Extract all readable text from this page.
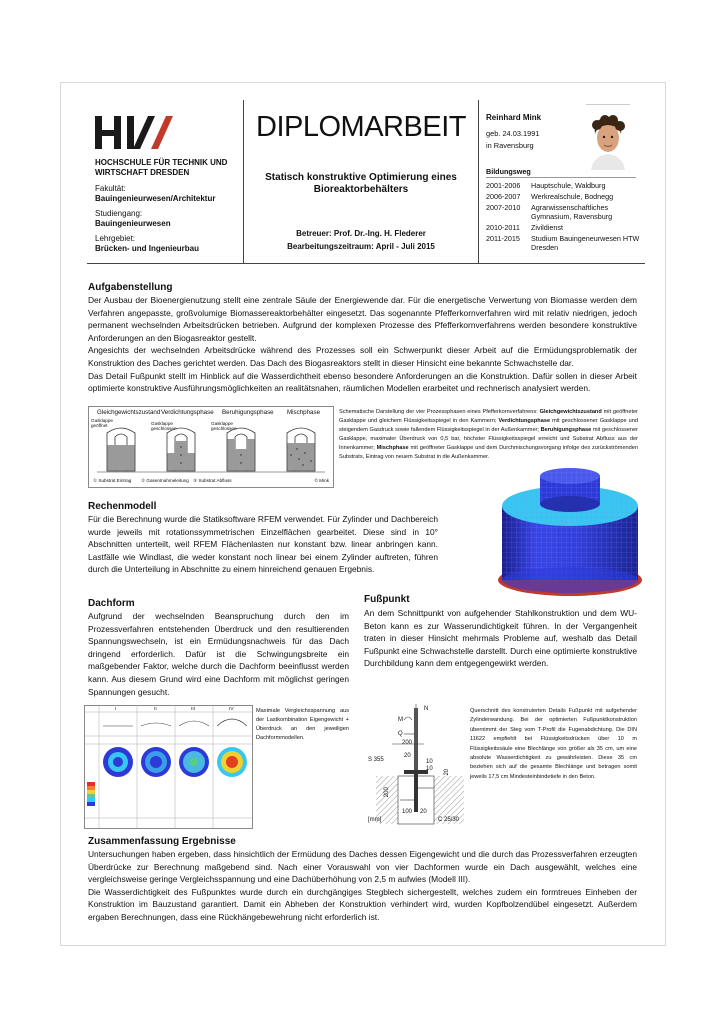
HOCHSCHULE FÜR TECHNIK UND WIRTSCHAFT DRESDEN
Fakultät:
Bauingenieurwesen/Architektur
Studiengang:
Bauingenieurwesen
Lehrgebiet:
Brücken- und Ingenieurbau
DIPLOMARBEIT
Statisch konstruktive Optimierung eines Bioreaktorbehälters
Betreuer: Prof. Dr.-Ing. H. Flederer
Bearbeitungszeitraum: April - Juli 2015
Reinhard Mink
geb. 24.03.1991
in Ravensburg
Bildungsweg
2001-2006	Hauptschule, Waldburg
2006-2007	Werkrealschule, Bodnegg
2007-2010	Agrarwissenschaftliches Gymnasium, Ravensburg
2010-2011	Zivildienst
2011-2015	Studium Bauingeneurwesen HTW Dresden
Aufgabenstellung
Der Ausbau der Bioenergienutzung stellt eine zentrale Säule der Energiewende dar. Für die energetische Verwertung von Biomasse werden dem Verfahren angepasste, großvolumige Biomassereaktorbehälter eingesetzt. Das sogenannte Pfefferkornverfahren wird mit relativ niedrigen, jedoch permanent wechselnden Arbeitsdrücken betrieben. Aufgrund der komplexen Prozesse des Pfefferkornverfahrens werden besondere konstruktive Anforderungen an den Biogasreaktor gestellt.
Angesichts der wechselnden Arbeitsdrücke während des Prozesses soll ein Schwerpunkt dieser Arbeit auf die Ermüdungsproblematik der Konstruktion des Daches gerichtet werden. Das Dach des Biogasreaktors stellt in dieser Hinsicht eine bekannte Schwachstelle dar.
Das Detail Fußpunkt stellt im Hinblick auf die Wasserdichtheit ebenso besondere Anforderungen an die Konstruktion. Dafür sollen in dieser Arbeit optimierte konstruktive Ausführungsmöglichkeiten an realitätsnahen, räumlichen Modellen erarbeitet und rechnerisch analysiert werden.
Gleichgewichtszustand Verdichtungsphase Beruhigungsphase Mischphase
Gasklappe geöffnet	Gasklappe geschlossen
Gasklappe geschlossen
① Substrat Eintrag ② Gasentnahmeleitung ③ Substrat Abfluss	© Mink
Schematische Darstellung der vier Prozessphasen eines Pfefferkornverfahrens: Gleichgewichtszustand mit geöffneter Gasklappe und gleichem Flüssigkeitsspiegel in den Kammern; Verdichtungsphase mit geschlossener Gasklappe und steigendem Gasdruck sowie fallendem Flüssigkeitsspiegel in der Außenkammer; Beruhigungsphase mit geschlossener Gasklappe, maximaler Überdruck von 0,5 bar, höchster Flüssigkeitsspiegel erreicht und Substrat Abfluss aus der Innenkammer; Mischphase mit geöffneter Gasklappe und dem Durchmischungsvorgang infolge des zurückströmenden Substrats, Eintrag von neuem Substrat in die Außenkammer.
Rechenmodell
Für die Berechnung wurde die Statiksoftware RFEM verwendet. Für Zylinder und Dachbereich wurde jeweils mit rotationssymmetrischen Einzelflächen gearbeitet. Diese sind in 10° Abschnitten unterteilt, weil RFEM Flächenlasten nur konstant bzw. linear anbringen kann. Lastfälle wie Windlast, die weder konstant noch linear bei einem Zylinder auftreten, führen durch die Unterteilung in Abschnitte zu einem hinreichend genauen Ergebnis.
Dachform
Aufgrund der wechselnden Beanspruchung durch den im Prozessverfahren entstehenden Überdruck und den resultierenden Spannungswechseln, ist ein Ermüdungsnachweis für das Dach dringend erforderlich. Dafür ist die Schwingungsbreite ein maßgebender Faktor, welche durch die Dachform beeinflusst werden kann. Aus diesem Grund wird eine Dachform mit möglichst geringen Spannungen gesucht.
I	II	III	IV	Maximale Vergleichsspannung aus der Lastkombination Eigengewicht + Überdruck an den jeweiligen Dachformmodellen.
Fußpunkt
An dem Schnittpunkt von aufgehender Stahlkonstruktion und dem WU-Beton kann es zur Wasserundichtigkeit führen. In der Vergangenheit traten in dieser Hinsicht mehrmals Probleme auf, weshalb das Detail Fußpunkt eine Schwachstelle darstellt. Durch eine optimierte konstruktive Durchbildung kann dem entgegengewirkt werden.
N
M
Q
200
S 355
20
10
10 20
200
100 20
[mm]	C 25/30
Querschnitt des konstruierten Details Fußpunkt mit aufgehender Zylinderwandung. Bei der optimierten Fußpunktkonstruktion übernimmt der Steg vom T-Profil die Fugenabdichtung. Die DIN 11622 empfiehlt bei Flüssigkeitsdrücken über 10 m Flüssigkeitssäule eine Blechlänge von größer als 35 cm, um eine absolute Wasserdichtigkeit zu gewährleisten. Diese 35 cm beziehen sich auf die gesamte Blechlänge und betragen somit jeweils 17,5 cm Mindesteinbindetiefe in den Beton.
Zusammenfassung Ergebnisse
Untersuchungen haben ergeben, dass hinsichtlich der Ermüdung des Daches dessen Eigengewicht und die durch das Prozessverfahren erzeugten Überdrücke zur Berechnung maßgebend sind. Nach einer Vorauswahl von vier Dachformen wurde ein Dach ausgewählt, welches eine vergleichsweise geringe Vergleichsspannung und eine Dachüberhöhung von 2,5 m aufwies (Modell III).
Die Wasserdichtigkeit des Fußpunktes wurde durch ein durchgängiges Stegblech sichergestellt, welches zudem ein formtreues Einheben der Konstruktion im Bauzustand garantiert. Damit ein Abheben der Konstruktion verhindert wird, wurden Kopfbolzendübel eingesetzt. Außerdem ergaben Berechnungen, dass eine Rückhängebewehrung nicht erforderlich ist.
